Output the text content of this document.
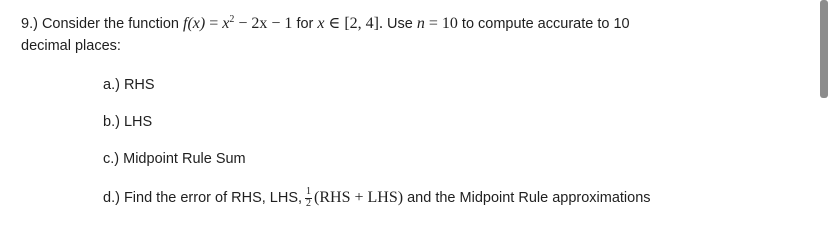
9.) Consider the function $f(x) = x^2 - 2x - 1$ for x ∈ [2, 4]. Use n = 10 to compute accurate to 10
decimal places:
a.) RHS
b.) LHS
c.) Midpoint Rule Sum
d.) Find the error of RHS, LHS, $\frac{1}{2} (RHS + LHS)$ and the Midpoint Rule approximations
